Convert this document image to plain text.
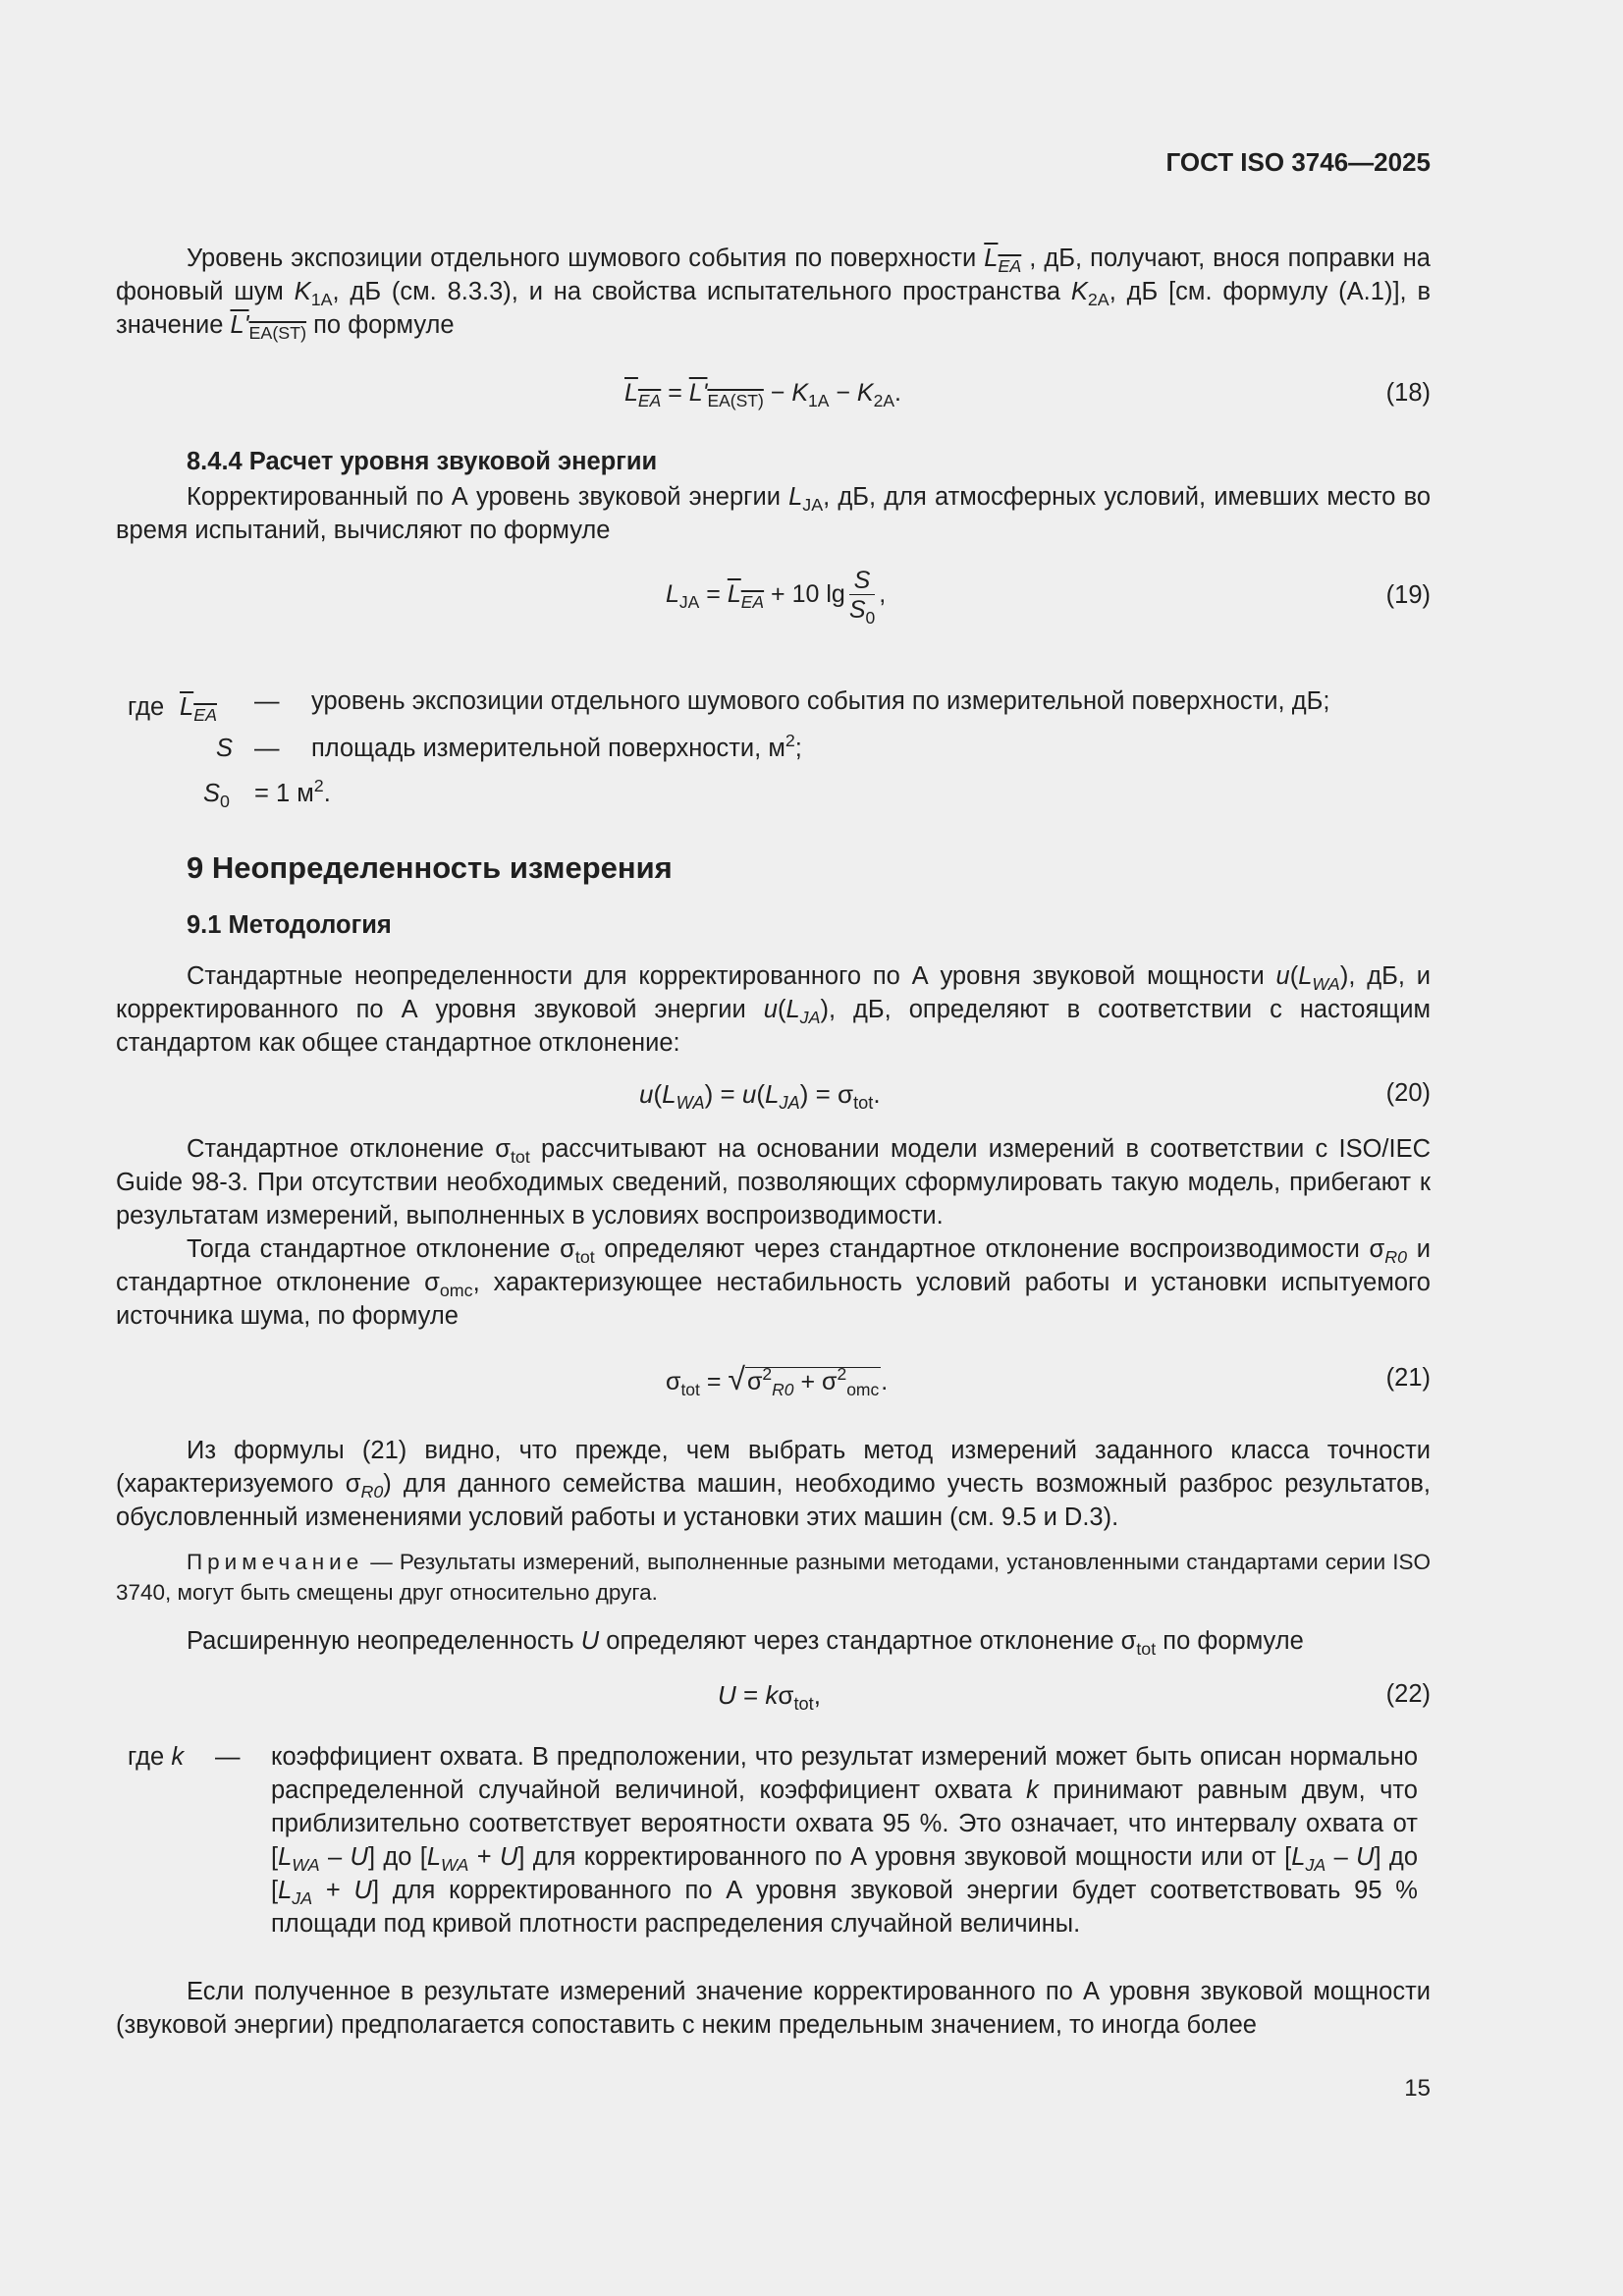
ГОСТ ISO 3746—2025
Уровень экспозиции отдельного шумового события по поверхности $L_{EA}$ , дБ, получают, внося поправки на фоновый шум $K_{1A}$, дБ (см. 8.3.3), и на свойства испытательного пространства $K_{2A}$, дБ [см. формулу (А.1)], в значение $L'_{EA(ST)}$ по формуле
$L_{EA} = L'_{EA(ST)} - K_{1A} - K_{2A}$.	(18)
8.4.4 Расчет уровня звуковой энергии
Корректированный по А уровень звуковой энергии $L_{JA}$, дБ, для атмосферных условий, имевших место во время испытаний, вычисляют по формуле
$L_{JA} = L_{EA} + 10$ $\lg \frac{S}{S_0}$ ,	(19)
где $L_{EA}$ — уровень экспозиции отдельного шумового события по измерительной поверхности, дБ;
S — площадь измерительной поверхности, $м^2$;
$S_0 = 1$ $м^2$.
9 Неопределенность измерения
9.1 Методология
Стандартные неопределенности для корректированного по А уровня звуковой мощности $u(L_{WA})$, дБ, и корректированного по А уровня звуковой энергии $u(L_{JA})$, дБ, определяют в соответствии с настоящим стандартом как общее стандартное отклонение:
$u(L_{WA}) = u(L_{JA}) = \sigma_{tot}$.	(20)
Стандартное отклонение $\sigma_{tot}$ рассчитывают на основании модели измерений в соответствии с ISO/IEC Guide 98-3. При отсутствии необходимых сведений, позволяющих сформулировать такую модель, прибегают к результатам измерений, выполненных в условиях воспроизводимости.
Тогда стандартное отклонение $\sigma_{tot}$ определяют через стандартное отклонение воспроизводимости $\sigma_{R0}$ и стандартное отклонение $\sigma_{omc}$, характеризующее нестабильность условий работы и установки испытуемого источника шума, по формуле
$\sigma_{tot} = √\sigma^2_{R0} + \sigma^2_{omc}$.	(21)
Из формулы (21) видно, что прежде, чем выбрать метод измерений заданного класса точности (характеризуемого $\sigma_{R0}$) для данного семейства машин, необходимо учесть возможный разброс результатов, обусловленный изменениями условий работы и установки этих машин (см. 9.5 и D.3).
Примечание — Результаты измерений, выполненные разными методами, установленными стандартами серии ISO 3740, могут быть смещены друг относительно друга.
Расширенную неопределенность U определяют через стандартное отклонение $\sigma_{tot}$ по формуле
$U = k\sigma_{tot}$,	(22)
где k — коэффициент охвата. В предположении, что результат измерений может быть описан нормально распределенной случайной величиной, коэффициент охвата k принимают равным двум, что приблизительно соответствует вероятности охвата 95 %. Это означает, что интервалу охвата от $[L_{WA} - U]$ до $[L_{WA} + U]$ для корректированного по А уровня звуковой мощности или от $[L_{JA} - U]$ до $[L_{JA} + U]$ для корректированного по А уровня звуковой энергии будет соответствовать 95 % площади под кривой плотности распределения случайной величины.
Если полученное в результате измерений значение корректированного по А уровня звуковой мощности (звуковой энергии) предполагается сопоставить с неким предельным значением, то иногда более
15
